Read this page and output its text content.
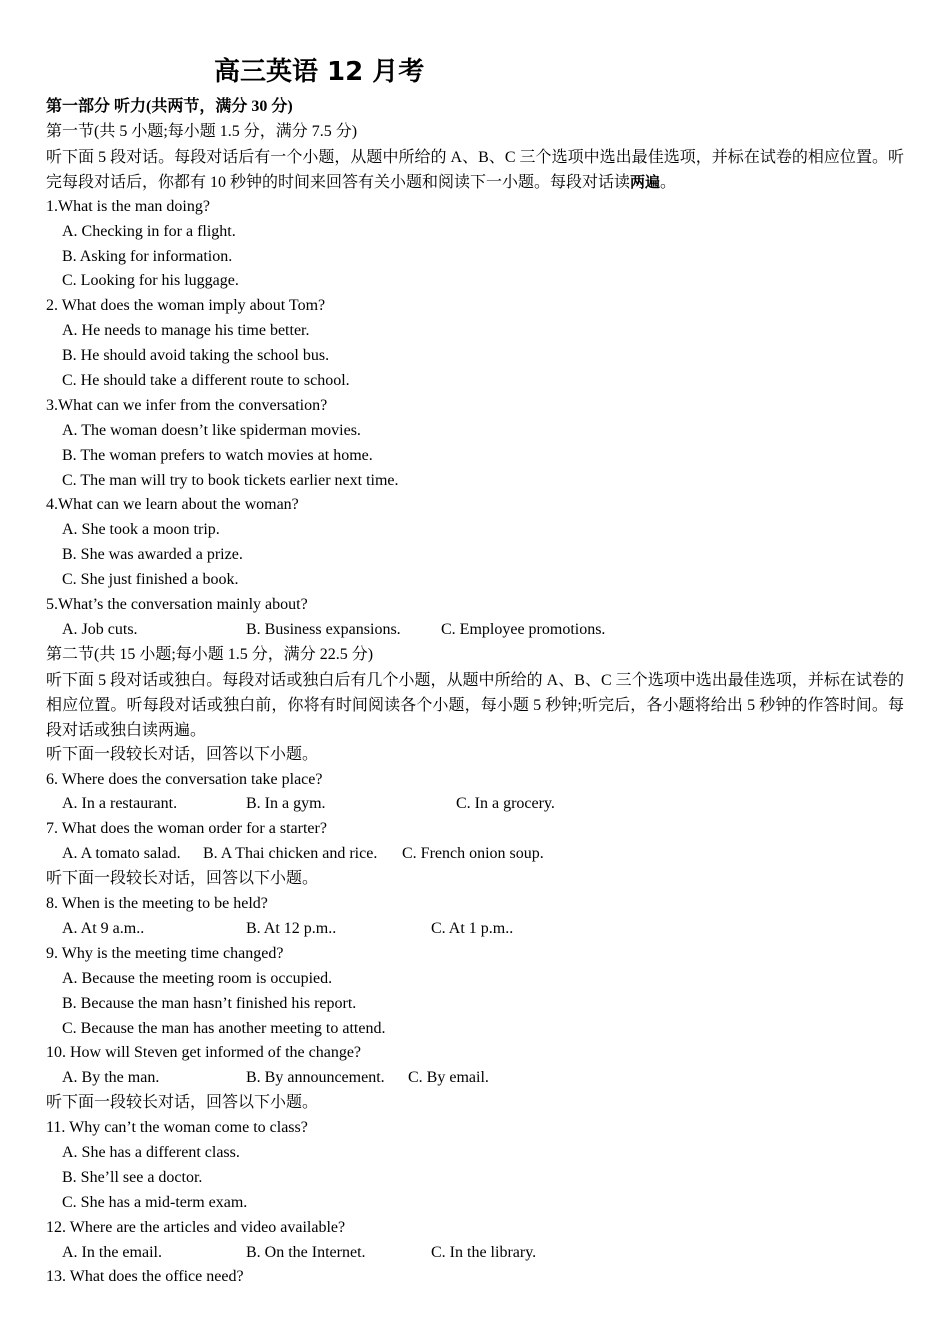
高三英语 12 月考
第一部分 听力(共两节，满分 30 分)
第一节(共 5 小题;每小题 1.5 分，满分 7.5 分)

听下面 5 段对话。每段对话后有一个小题，从题中所给的 A、B、C 三个选项中选出最佳选项，并标在试卷的相应位置。听完每段对话后，你都有 10 秒钟的时间来回答有关小题和阅读下一小题。每段对话读两遍。

1.What is the man doing?
A. Checking in for a flight.
B. Asking for information.
C. Looking for his luggage.
2. What does the woman imply about Tom?
A. He needs to manage his time better.
B. He should avoid taking the school bus.
C. He should take a different route to school.
3.What can we infer from the conversation?
A. The woman doesn’t like spiderman movies.
B. The woman prefers to watch movies at home.
C. The man will try to book tickets earlier next time.
4.What can we learn about the woman?
A. She took a moon trip.
B. She was awarded a prize.
C. She just finished a book.
5.What’s the conversation mainly about?
A. Job cuts.	B. Business expansions.	C. Employee promotions.
第二节(共 15 小题;每小题 1.5 分，满分 22.5 分)

听下面 5 段对话或独白。每段对话或独白后有几个小题，从题中所给的 A、B、C 三个选项中选出最佳选项，并标在试卷的相应位置。听每段对话或独白前，你将有时间阅读各个小题，每小题 5 秒钟;听完后，各小题将给出 5 秒钟的作答时间。每段对话或独白读两遍。

听下面一段较长对话，回答以下小题。
6. Where does the conversation take place?
A. In a restaurant.	B. In a gym.	C. In a grocery.
7. What does the woman order for a starter?
A. A tomato salad. B. A Thai chicken and rice. C. French onion soup.
听下面一段较长对话，回答以下小题。
8. When is the meeting to be held?
A. At 9 a.m..	B. At 12 p.m..	C. At 1 p.m..
9. Why is the meeting time changed?
A. Because the meeting room is occupied.
B. Because the man hasn’t finished his report.
C. Because the man has another meeting to attend.
10. How will Steven get informed of the change?
A. By the man.	B. By announcement. C. By email.
听下面一段较长对话，回答以下小题。
11. Why can’t the woman come to class?
A. She has a different class.
B. She’ll see a doctor.
C. She has a mid-term exam.
12. Where are the articles and video available?
A. In the email.	B. On the Internet.	C. In the library.
13. What does the office need?
